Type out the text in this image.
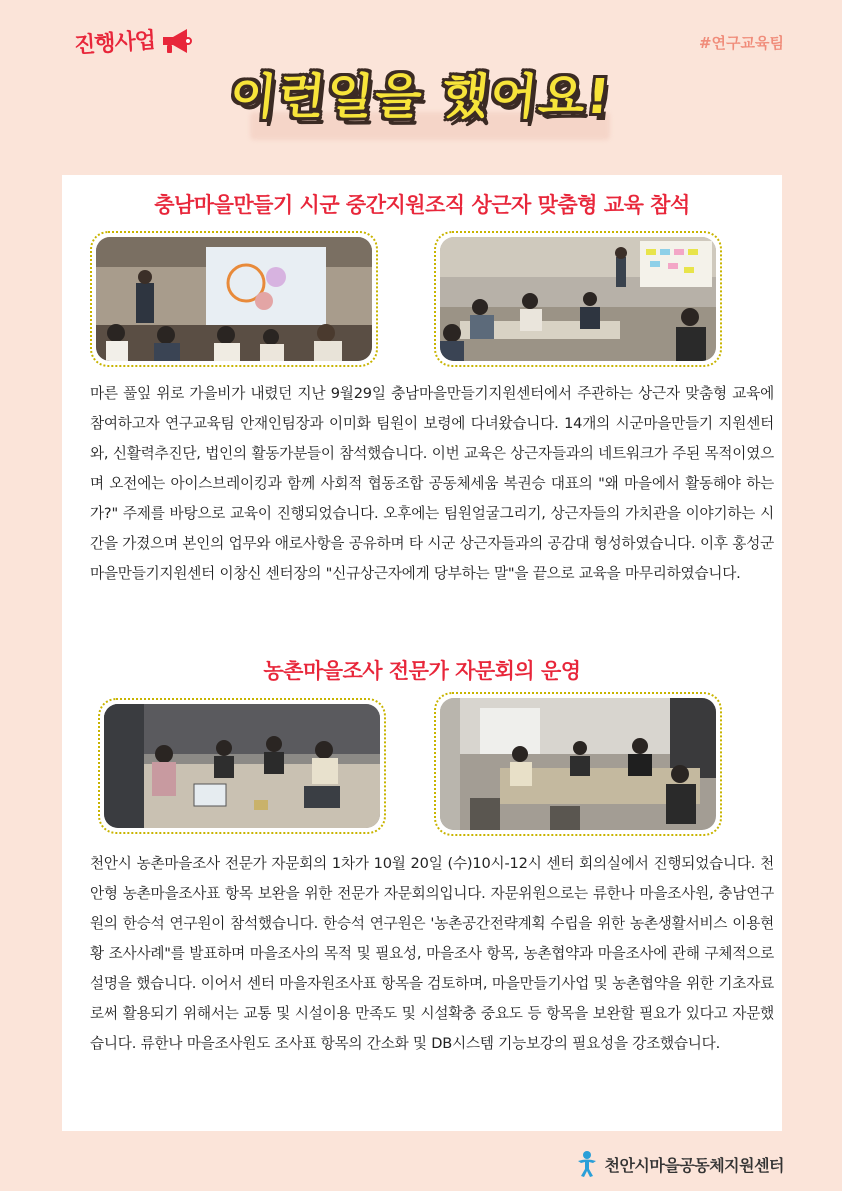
진행사업	#연구교육팀
이런일을 했어요!
충남마을만들기 시군 중간지원조직 상근자 맞춤형 교육 참석
마른 풀잎 위로 가을비가 내렸던 지난 9월29일 충남마을만들기지원센터에서 주관하는 상근자 맞춤형 교육에 참여하고자 연구교육팀 안재인팀장과 이미화 팀원이 보령에 다녀왔습니다. 14개의 시군마을만들기 지원센터와, 신활력추진단, 법인의 활동가분들이 참석했습니다. 이번 교육은 상근자들과의 네트워크가 주된 목적이였으며 오전에는 아이스브레이킹과 함께 사회적 협동조합 공동체세움 복권승 대표의 "왜 마을에서 활동해야 하는가?" 주제를 바탕으로 교육이 진행되었습니다. 오후에는 팀원얼굴그리기, 상근자들의 가치관을 이야기하는 시간을 가졌으며 본인의 업무와 애로사항을 공유하며 타 시군 상근자들과의 공감대 형성하였습니다. 이후 홍성군마을만들기지원센터 이창신 센터장의 "신규상근자에게 당부하는 말"을 끝으로 교육을 마무리하였습니다.
농촌마을조사 전문가 자문회의 운영
천안시 농촌마을조사 전문가 자문회의 1차가 10월 20일 (수)10시-12시 센터 회의실에서 진행되었습니다. 천안형 농촌마을조사표 항목 보완을 위한 전문가 자문회의입니다. 자문위원으로는 류한나 마을조사원, 충남연구원의 한승석 연구원이 참석했습니다. 한승석 연구원은 '농촌공간전략계획 수립을 위한 농촌생활서비스 이용현황 조사사례"를 발표하며 마을조사의 목적 및 필요성, 마을조사 항목, 농촌협약과 마을조사에 관해 구체적으로 설명을 했습니다. 이어서 센터 마을자원조사표 항목을 검토하며, 마을만들기사업 및 농촌협약을 위한 기초자료로써 활용되기 위해서는 교통 및 시설이용 만족도 및 시설확충 중요도 등 항목을 보완할 필요가 있다고 자문했습니다. 류한나 마을조사원도 조사표 항목의 간소화 및 DB시스템 기능보강의 필요성을 강조했습니다.
천안시마을공동체지원센터
